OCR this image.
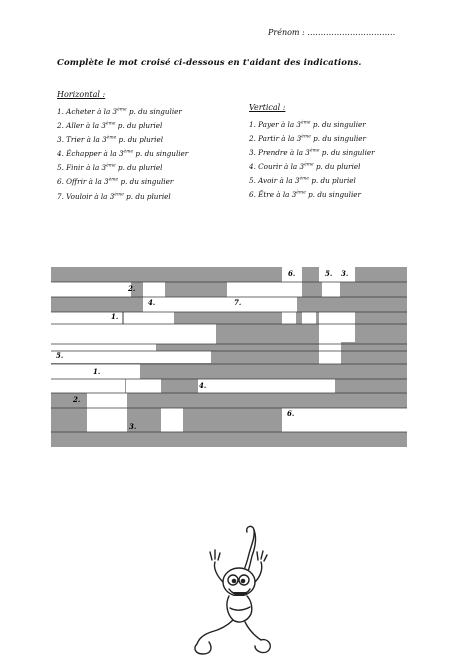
Prénom : ……………………………
Complète le mot croisé ci-dessous en t'aidant des indications.
Horizontal :
1. Acheter à la 3ème p. du singulier
2. Aller à la 3ème p. du pluriel
3. Trier à la 3ème p. du pluriel
4. Échapper à la 3ème p. du singulier
5. Finir à la 3ème p. du pluriel
6. Offrir à la 3ème p. du singulier
7. Vouloir à la 3ème p. du pluriel
Vertical :
1. Payer à la 3ème p. du singulier
2. Partir à la 3ème p. du singulier
3. Prendre à la 3ème p. du singulier
4. Courir à la 3ème p. du pluriel
5. Avoir à la 3ème p. du pluriel
6. Être à la 3ème p. du singulier
6.	5. 3.
2.
4.	7.
1.
5.
1.
4.
2.
6.
3.
